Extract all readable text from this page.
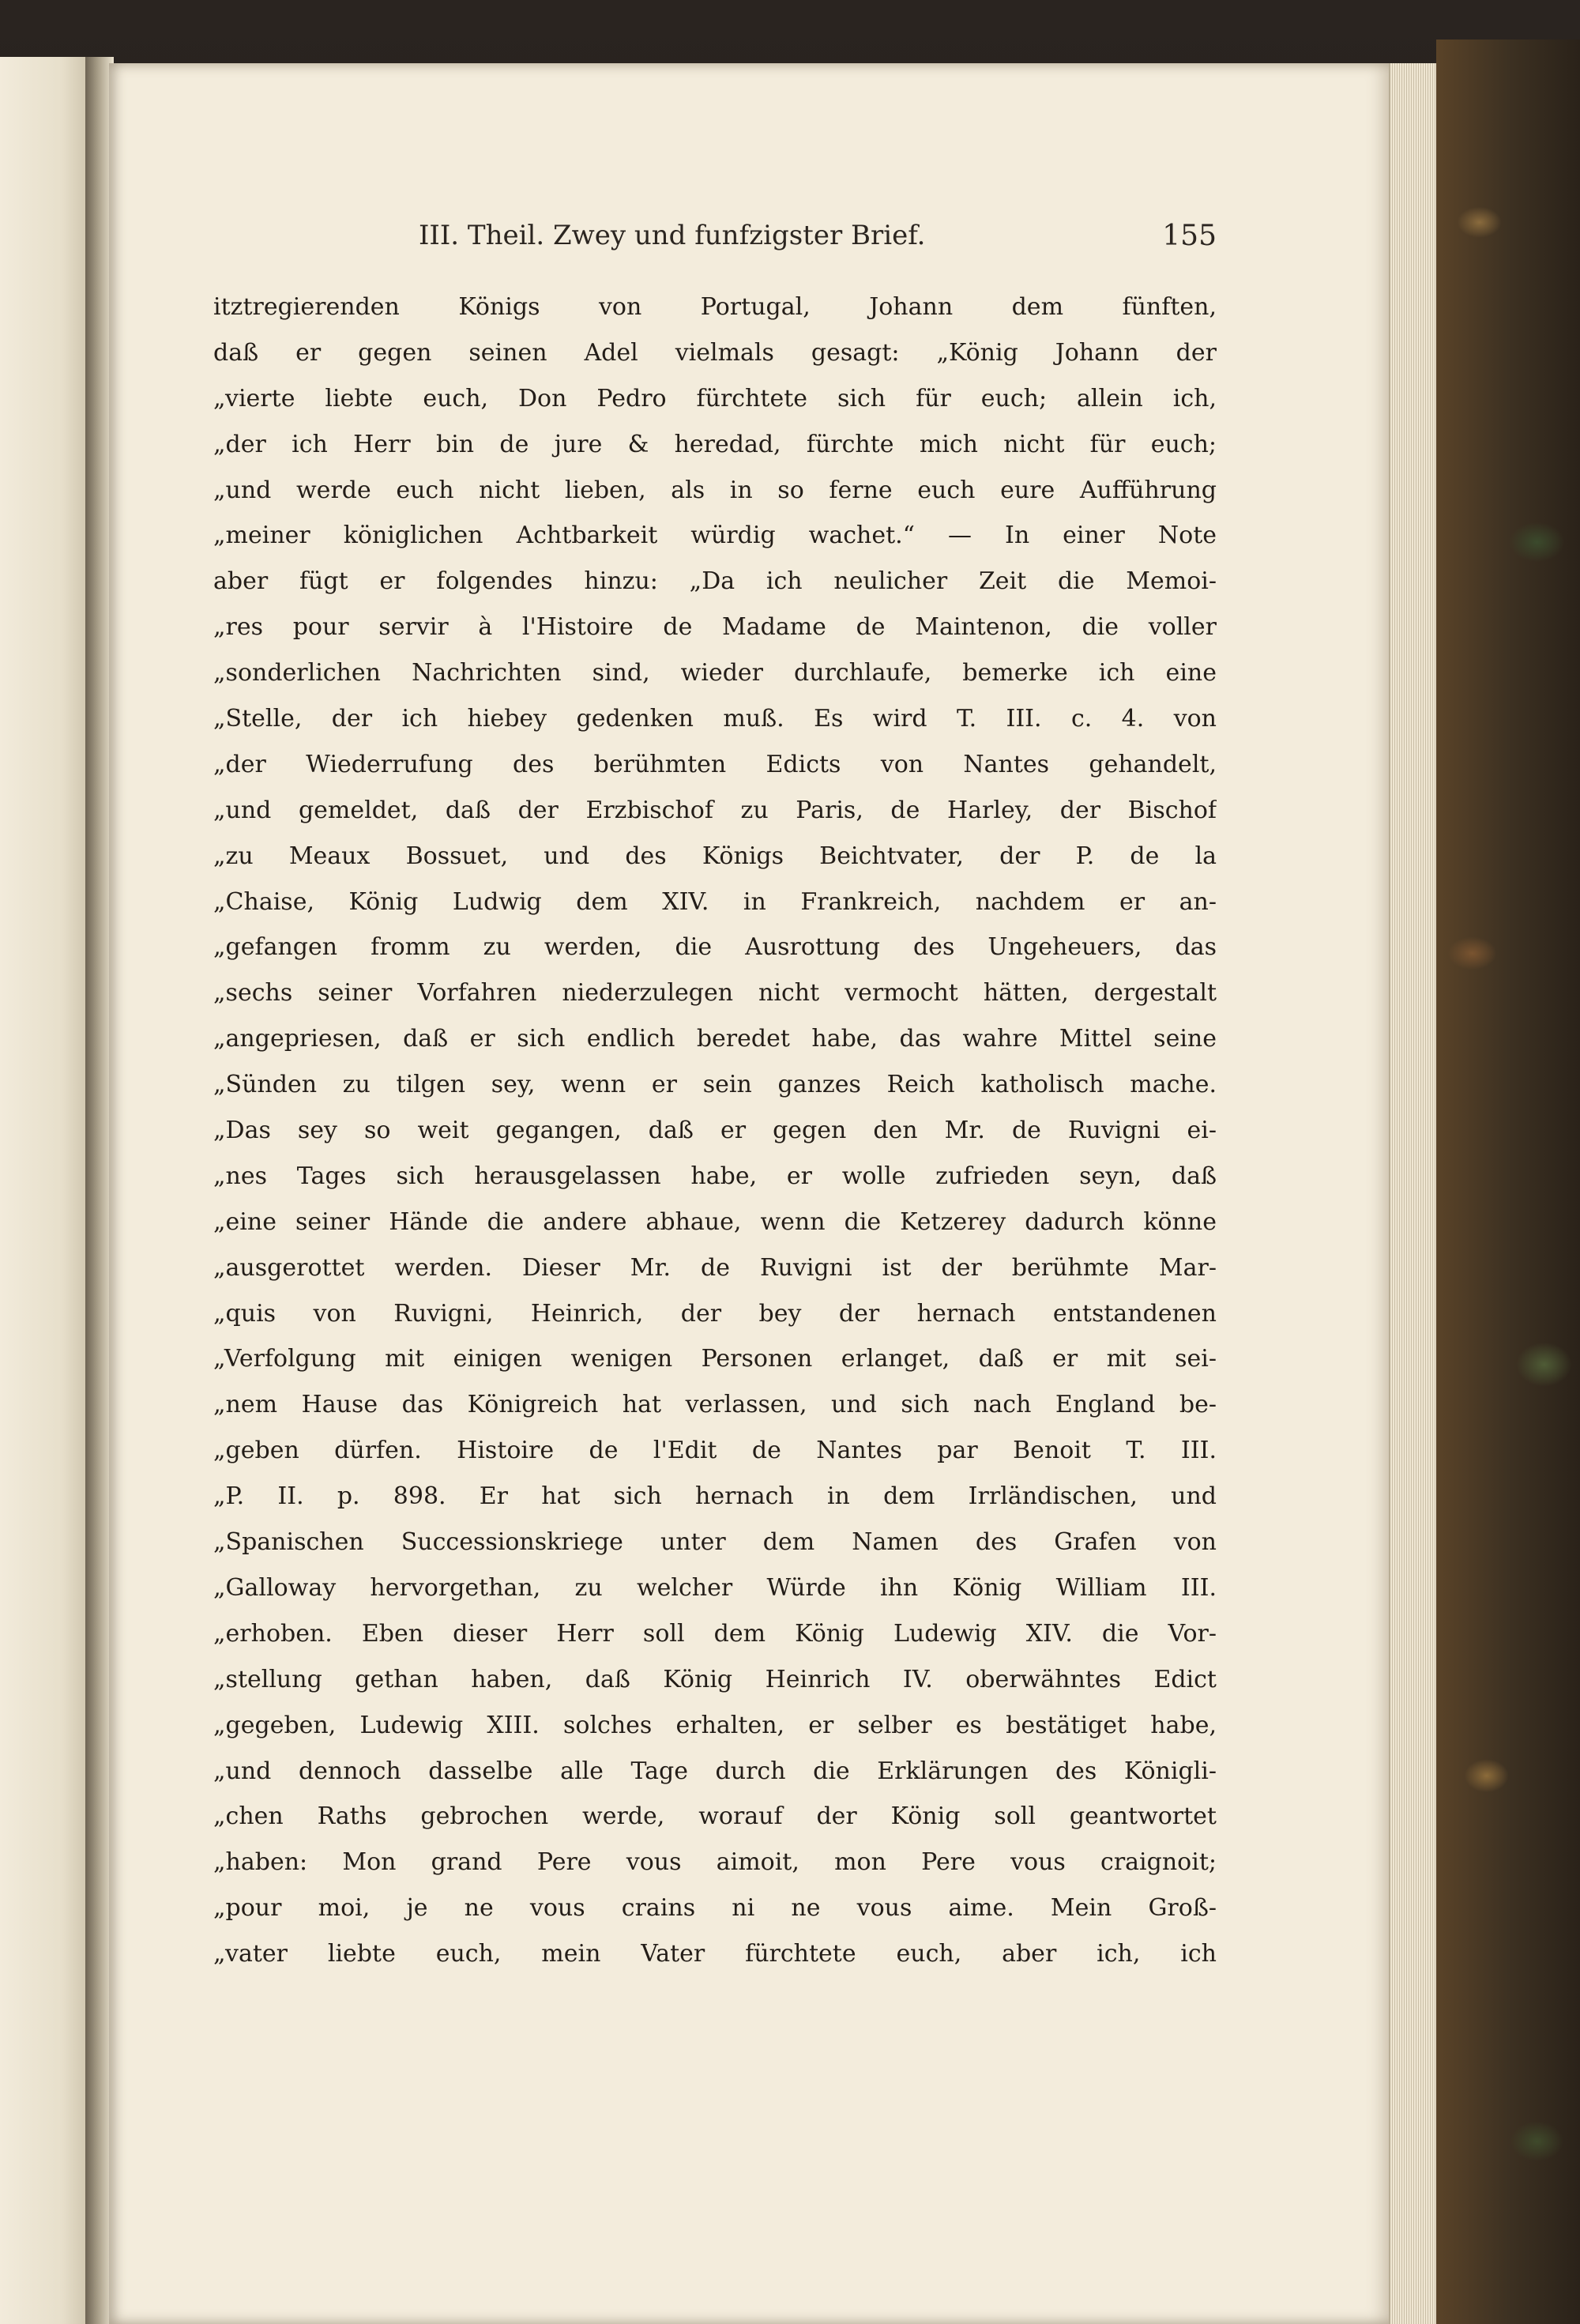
III. Theil. Zwey und funfzigster Brief.	155
itztregierenden Königs von Portugal, Johann dem fünften,
daß er gegen seinen Adel vielmals gesagt: „König Johann der
„vierte liebte euch, Don Pedro fürchtete sich für euch; allein ich,
„der ich Herr bin de jure & heredad, fürchte mich nicht für euch;
„und werde euch nicht lieben, als in so ferne euch eure Aufführung
„meiner königlichen Achtbarkeit würdig wachet.“ — In einer Note
aber fügt er folgendes hinzu: „Da ich neulicher Zeit die Memoi-
„res pour servir à l'Histoire de Madame de Maintenon, die voller
„sonderlichen Nachrichten sind, wieder durchlaufe, bemerke ich eine
„Stelle, der ich hiebey gedenken muß. Es wird T. III. c. 4. von
„der Wiederrufung des berühmten Edicts von Nantes gehandelt,
„und gemeldet, daß der Erzbischof zu Paris, de Harley, der Bischof
„zu Meaux Bossuet, und des Königs Beichtvater, der P. de la
„Chaise, König Ludwig dem XIV. in Frankreich, nachdem er an-
„gefangen fromm zu werden, die Ausrottung des Ungeheuers, das
„sechs seiner Vorfahren niederzulegen nicht vermocht hätten, dergestalt
„angepriesen, daß er sich endlich beredet habe, das wahre Mittel seine
„Sünden zu tilgen sey, wenn er sein ganzes Reich katholisch mache.
„Das sey so weit gegangen, daß er gegen den Mr. de Ruvigni ei-
„nes Tages sich herausgelassen habe, er wolle zufrieden seyn, daß
„eine seiner Hände die andere abhaue, wenn die Ketzerey dadurch könne
„ausgerottet werden. Dieser Mr. de Ruvigni ist der berühmte Mar-
„quis von Ruvigni, Heinrich, der bey der hernach entstandenen
„Verfolgung mit einigen wenigen Personen erlanget, daß er mit sei-
„nem Hause das Königreich hat verlassen, und sich nach England be-
„geben dürfen. Histoire de l'Edit de Nantes par Benoit T. III.
„P. II. p. 898. Er hat sich hernach in dem Irrländischen, und
„Spanischen Successionskriege unter dem Namen des Grafen von
„Galloway hervorgethan, zu welcher Würde ihn König William III.
„erhoben. Eben dieser Herr soll dem König Ludewig XIV. die Vor-
„stellung gethan haben, daß König Heinrich IV. oberwähntes Edict
„gegeben, Ludewig XIII. solches erhalten, er selber es bestätiget habe,
„und dennoch dasselbe alle Tage durch die Erklärungen des Königli-
„chen Raths gebrochen werde, worauf der König soll geantwortet
„haben: Mon grand Pere vous aimoit, mon Pere vous craignoit;
„pour moi, je ne vous crains ni ne vous aime. Mein Groß-
„vater liebte euch, mein Vater fürchtete euch, aber ich, ich
